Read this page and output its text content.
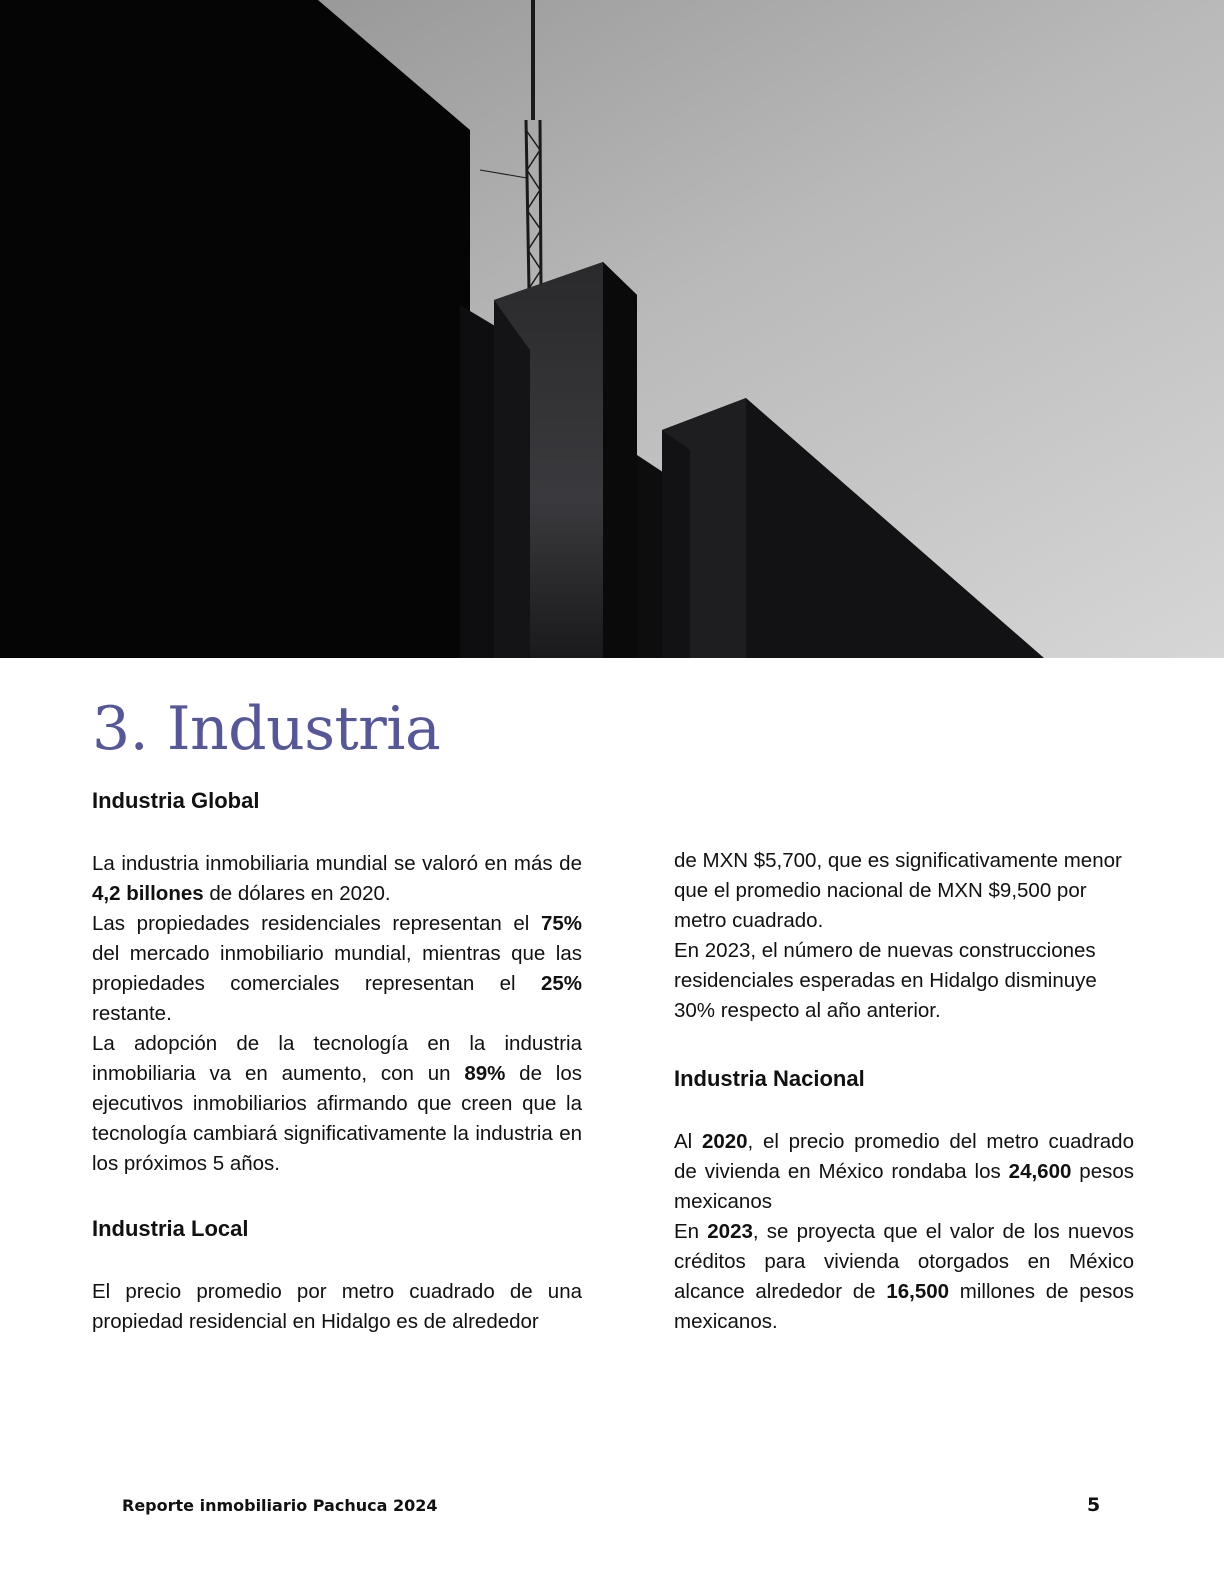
3. Industria
Industria Global

La industria inmobiliaria mundial se valoró en más de 4,2 billones de dólares en 2020.

Las propiedades residenciales representan el 75% del mercado inmobiliario mundial, mientras que las propiedades comerciales representan el 25% restante.

La adopción de la tecnología en la industria inmobiliaria va en aumento, con un 89% de los ejecutivos inmobiliarios afirmando que creen que la tecnología cambiará significativamente la industria en los próximos 5 años.

Industria Local

El precio promedio por metro cuadrado de una propiedad residencial en Hidalgo es de alrededor

de MXN $5,700, que es significativamente menor que el promedio nacional de MXN $9,500 por metro cuadrado.

En 2023, el número de nuevas construcciones residenciales esperadas en Hidalgo disminuye 30% respecto al año anterior.

Industria Nacional

Al 2020, el precio promedio del metro cuadrado de vivienda en México rondaba los 24,600 pesos mexicanos

En 2023, se proyecta que el valor de los nuevos créditos para vivienda otorgados en México alcance alrededor de 16,500 millones de pesos mexicanos.

Reporte inmobiliario Pachuca 2024	5
